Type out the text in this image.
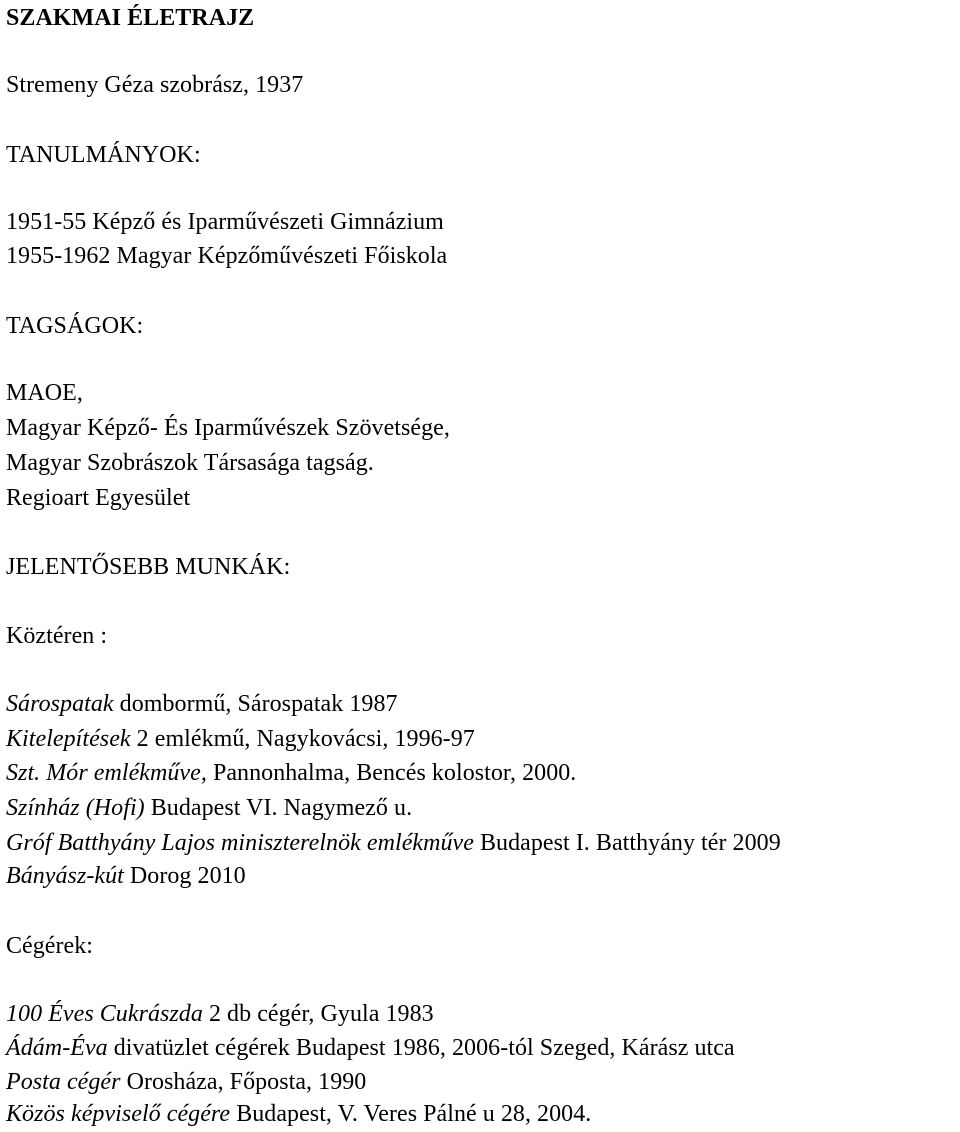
SZAKMAI ÉLETRAJZ
Stremeny Géza szobrász, 1937
TANULMÁNYOK:
1951-55 Képző és Iparművészeti Gimnázium
1955-1962 Magyar Képzőművészeti Főiskola
TAGSÁGOK:
MAOE,
Magyar Képző- És Iparművészek Szövetsége,
Magyar Szobrászok Társasága tagság.
Regioart Egyesület
JELENTŐSEBB MUNKÁK:
Köztéren :
Sárospatak dombormű, Sárospatak 1987
Kitelepítések 2 emlékmű, Nagykovácsi, 1996-97
Szt. Mór emlékműve, Pannonhalma, Bencés kolostor, 2000.
Színház (Hofi) Budapest VI. Nagymező u.
Gróf Batthyány Lajos miniszterelnök emlékműve Budapest I. Batthyány tér 2009
Bányász-kút Dorog 2010
Cégérek:
100 Éves Cukrászda 2 db cégér, Gyula 1983
Ádám-Éva divatüzlet cégérek Budapest 1986, 2006-tól Szeged, Kárász utca
Posta cégér Orosháza, Főposta, 1990
Közös képviselő cégére Budapest, V. Veres Pálné u 28, 2004.
